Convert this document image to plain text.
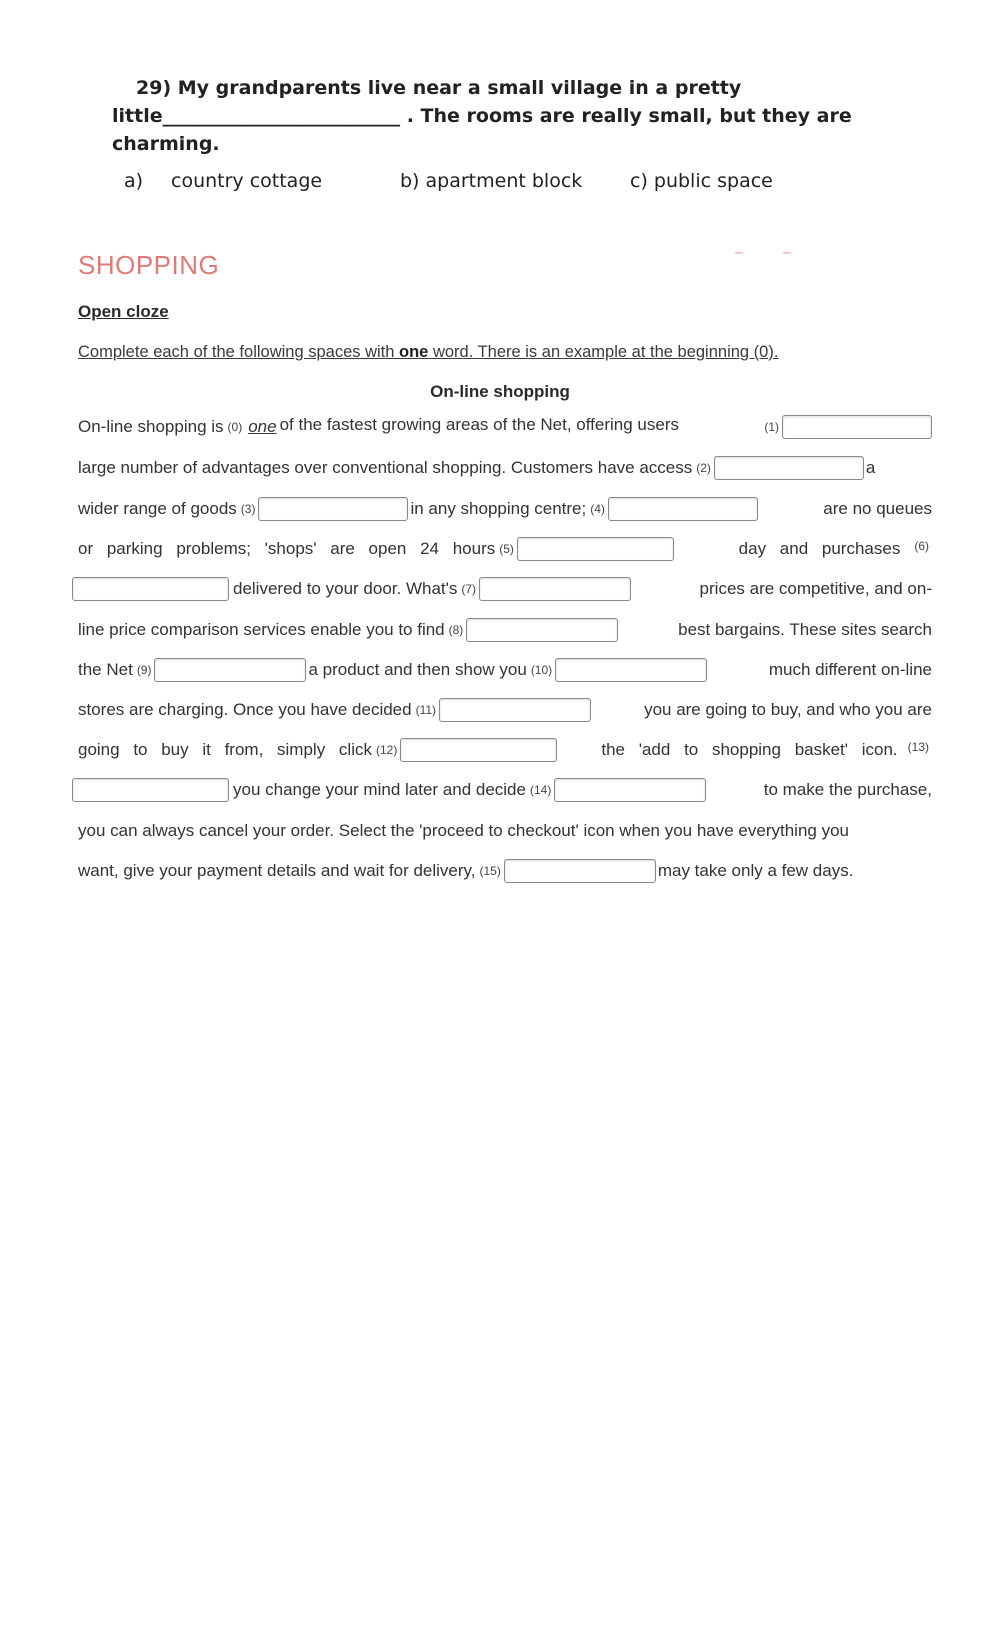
29) My grandparents live near a small village in a pretty
little_________________________ . The rooms are really small, but they are
charming.
a) country cottage	b) apartment block	c) public space
SHOPPING
Open cloze
Complete each of the following spaces with one word. There is an example at the beginning (0).
On-line shopping
On-line shopping is (0) one of the fastest growing areas of the Net, offering users	(1)
large number of advantages over conventional shopping. Customers have access (2)	a
wider range of goods (3)	in any shopping centre; (4)	are no queues
or parking problems; 'shops' are open 24 hours (5)	day and purchases (6)
delivered to your door. What's (7)	prices are competitive, and on-
line price comparison services enable you to find (8)	best bargains. These sites search
the Net (9)	a product and then show you (10)	much different on-line
stores are charging. Once you have decided (11)	you are going to buy, and who you are
going to buy it from, simply click (12)	the 'add to shopping basket' icon. (13)
you change your mind later and decide (14)	to make the purchase,
you can always cancel your order. Select the 'proceed to checkout' icon when you have everything you
want, give your payment details and wait for delivery, (15)	may take only a few days.
